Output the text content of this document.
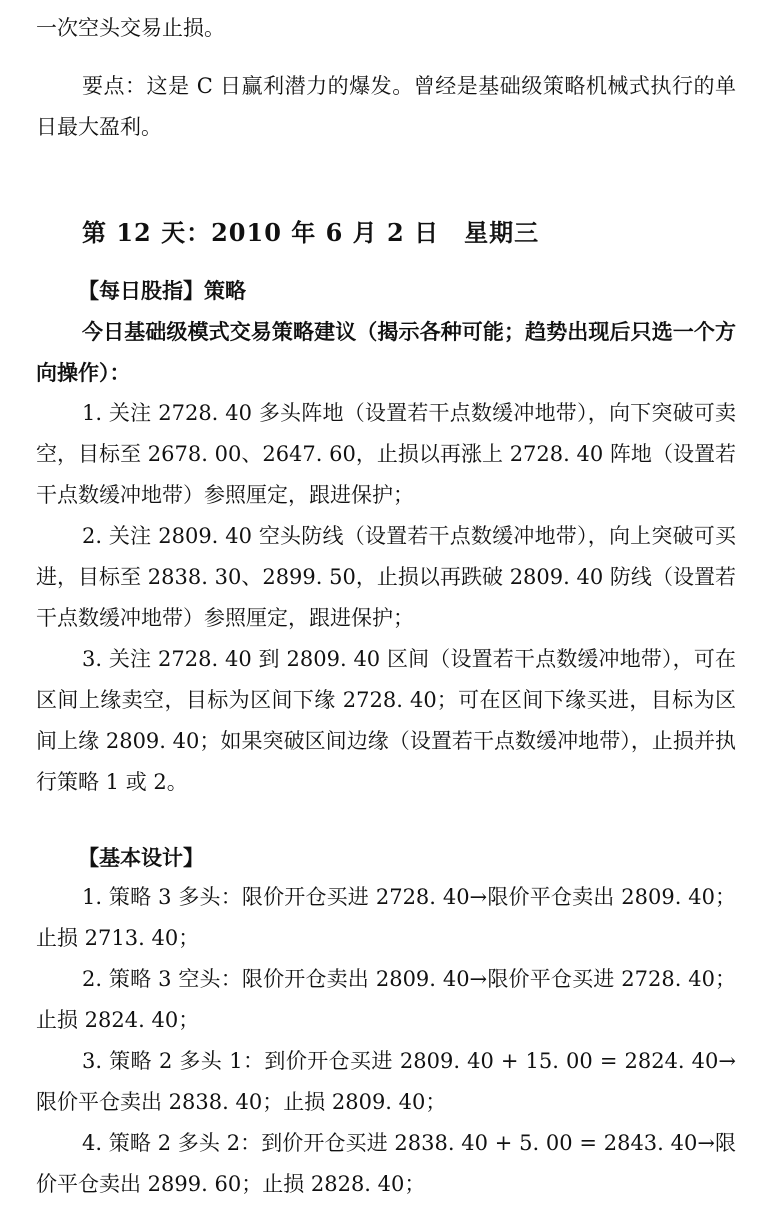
一次空头交易止损。

要点：这是 C 日赢利潜力的爆发。曾经是基础级策略机械式执行的单日最大盈利。

第 12 天：2010 年 6 月 2 日　星期三

【每日股指】策略

今日基础级模式交易策略建议（揭示各种可能；趋势出现后只选一个方向操作）：

1. 关注 2728. 40 多头阵地（设置若干点数缓冲地带），向下突破可卖空，目标至 2678. 00、2647. 60，止损以再涨上 2728. 40 阵地（设置若干点数缓冲地带）参照厘定，跟进保护；

2. 关注 2809. 40 空头防线（设置若干点数缓冲地带），向上突破可买进，目标至 2838. 30、2899. 50，止损以再跌破 2809. 40 防线（设置若干点数缓冲地带）参照厘定，跟进保护；

3. 关注 2728. 40 到 2809. 40 区间（设置若干点数缓冲地带），可在区间上缘卖空，目标为区间下缘 2728. 40；可在区间下缘买进，目标为区间上缘 2809. 40；如果突破区间边缘（设置若干点数缓冲地带），止损并执行策略 1 或 2。

【基本设计】

1. 策略 3 多头：限价开仓买进 2728. 40→限价平仓卖出 2809. 40；止损 2713. 40；

2. 策略 3 空头：限价开仓卖出 2809. 40→限价平仓买进 2728. 40；止损 2824. 40；

3. 策略 2 多头 1：到价开仓买进 2809. 40 + 15. 00 = 2824. 40→限价平仓卖出 2838. 40；止损 2809. 40；

4. 策略 2 多头 2：到价开仓买进 2838. 40 + 5. 00 = 2843. 40→限价平仓卖出 2899. 60；止损 2828. 40；
